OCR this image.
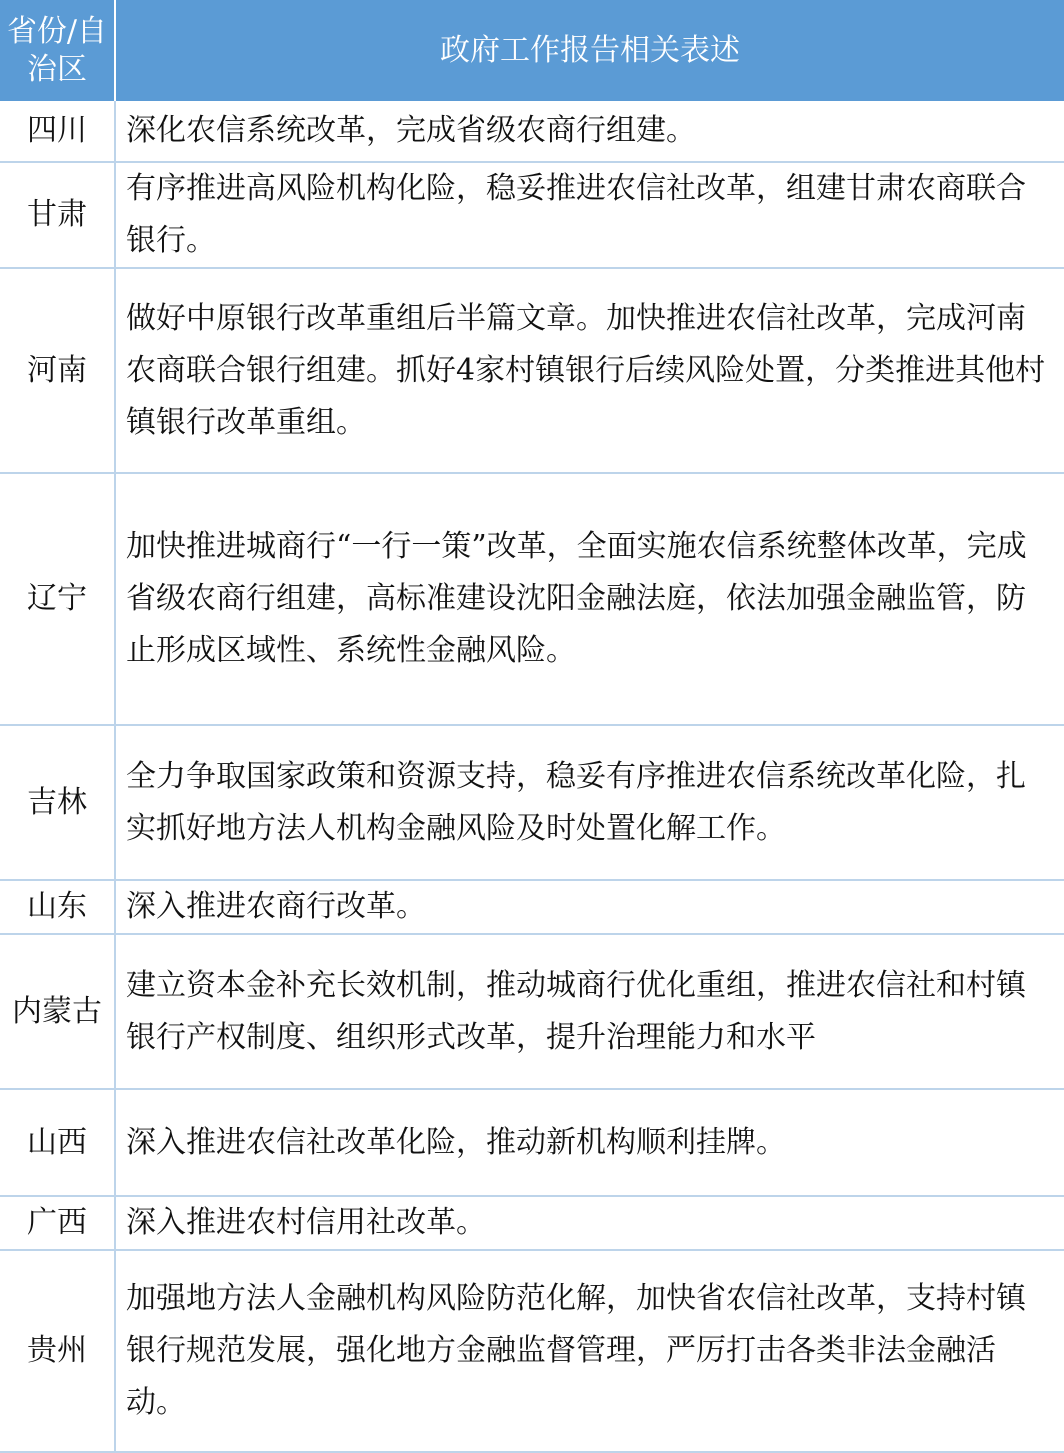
省份/自治区	政府工作报告相关表述
四川	深化农信系统改革，完成省级农商行组建。
甘肃	有序推进高风险机构化险，稳妥推进农信社改革，组建甘肃农商联合银行。
河南	做好中原银行改革重组后半篇文章。加快推进农信社改革，完成河南农商联合银行组建。抓好4家村镇银行后续风险处置，分类推进其他村镇银行改革重组。
辽宁	加快推进城商行“一行一策”改革，全面实施农信系统整体改革，完成省级农商行组建，高标准建设沈阳金融法庭，依法加强金融监管，防止形成区域性、系统性金融风险。
吉林	全力争取国家政策和资源支持，稳妥有序推进农信系统改革化险，扎实抓好地方法人机构金融风险及时处置化解工作。
山东	深入推进农商行改革。
内蒙古	建立资本金补充长效机制，推动城商行优化重组，推进农信社和村镇银行产权制度、组织形式改革，提升治理能力和水平
山西	深入推进农信社改革化险，推动新机构顺利挂牌。
广西	深入推进农村信用社改革。
贵州	加强地方法人金融机构风险防范化解，加快省农信社改革，支持村镇银行规范发展，强化地方金融监督管理，严厉打击各类非法金融活动。
